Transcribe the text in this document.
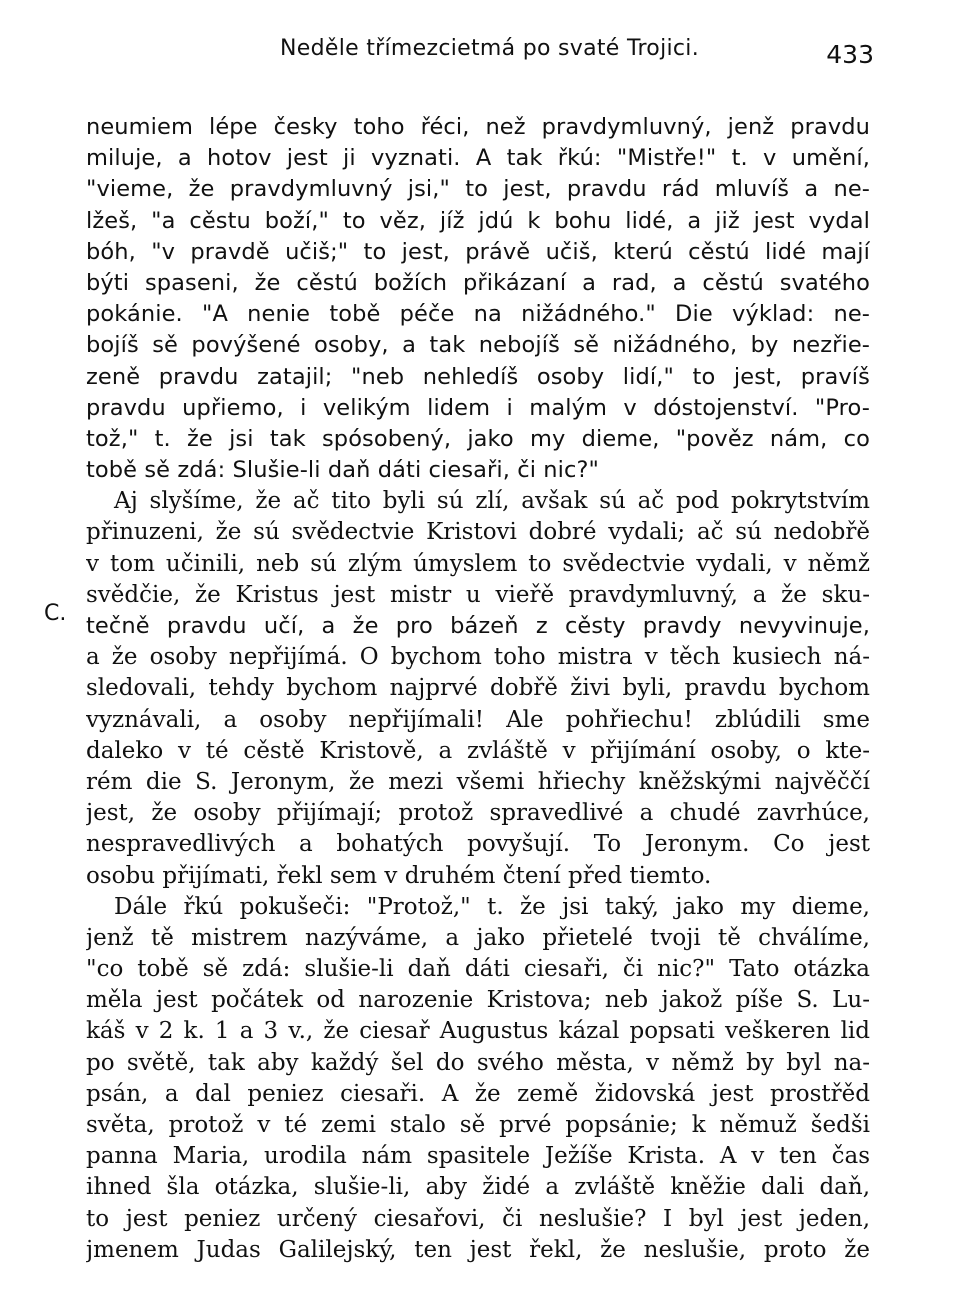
Neděle třímezcietmá po svaté Trojici.	433
C.
neumiem lépe česky toho řéci, než pravdymluvný, jenž pravdu
miluje, a hotov jest ji vyznati. A tak řkú: "Mistře!" t. v umění,
"vieme, že pravdymluvný jsi," to jest, pravdu rád mluvíš a ne-
lžeš, "a cěstu boží," to věz, jíž jdú k bohu lidé, a již jest vydal
bóh, "v pravdě učiš;" to jest, právě učiš, kterú cěstú lidé mají
býti spaseni, že cěstú božích přikázaní a rad, a cěstú svatého
pokánie. "A nenie tobě péče na nižádného." Die výklad: ne-
bojíš sě povýšené osoby, a tak nebojíš sě nižádného, by nezřie-
zeně pravdu zatajil; "neb nehledíš osoby lidí," to jest, pravíš
pravdu upřiemo, i velikým lidem i malým v dóstojenství. "Pro-
tož," t. že jsi tak spósobený, jako my dieme, "pověz nám, co
tobě sě zdá: Slušie-li daň dáti ciesaři, či nic?"
Aj slyšíme, že ač tito byli sú zlí, avšak sú ač pod pokrytstvím
přinuzeni, že sú svědectvie Kristovi dobré vydali; ač sú nedobřě
v tom učinili, neb sú zlým úmyslem to svědectvie vydali, v němž
svědčie, že Kristus jest mistr u vieřě pravdymluvný, a že sku-
tečně pravdu učí, a že pro bázeň z cěsty pravdy nevyvinuje,
a že osoby nepřijímá. O bychom toho mistra v těch kusiech ná-
sledovali, tehdy bychom najprvé dobřě živi byli, pravdu bychom
vyznávali, a osoby nepřijímali! Ale pohřiechu! zblúdili sme
daleko v té cěstě Kristově, a zvláště v přijímání osoby, o kte-
rém die S. Jeronym, že mezi všemi hřiechy kněžskými najvěččí
jest, že osoby přijímají; protož spravedlivé a chudé zavrhúce,
nespravedlivých a bohatých povyšují. To Jeronym. Co jest
osobu přijímati, řekl sem v druhém čtení před tiemto.
Dále řkú pokušeči: "Protož," t. že jsi taký, jako my dieme,
jenž tě mistrem nazýváme, a jako přietelé tvoji tě chválíme,
"co tobě sě zdá: slušie-li daň dáti ciesaři, či nic?" Tato otázka
měla jest počátek od narozenie Kristova; neb jakož píše S. Lu-
káš v 2 k. 1 a 3 v., že ciesař Augustus kázal popsati veškeren lid
po světě, tak aby každý šel do svého města, v němž by byl na-
psán, a dal peniez ciesaři. A že země židovská jest prostřěd
světa, protož v té zemi stalo sě prvé popsánie; k němuž šedši
panna Maria, urodila nám spasitele Ježíše Krista. A v ten čas
ihned šla otázka, slušie-li, aby židé a zvláště kněžie dali daň,
to jest peniez určený ciesařovi, či neslušie? I byl jest jeden,
jmenem Judas Galilejský, ten jest řekl, že neslušie, proto že
